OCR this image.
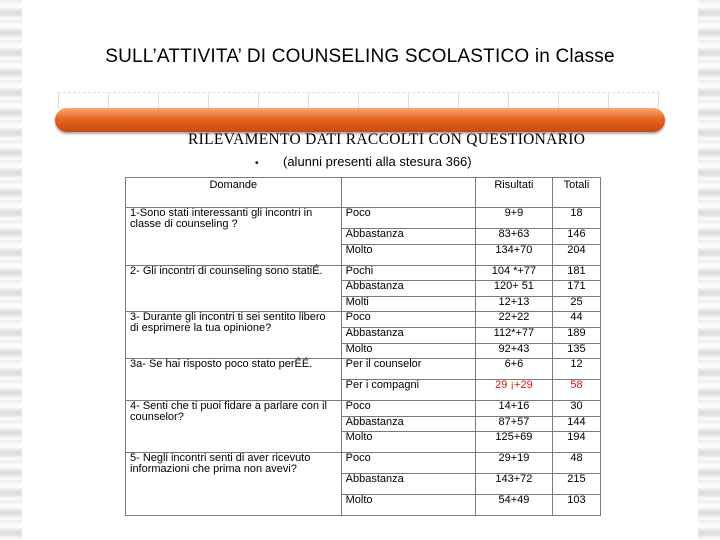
SULL’ATTIVITA’ DI COUNSELING SCOLASTICO in Classe
RILEVAMENTO DATI RACCOLTI CON QUESTIONARIO
• (alunni presenti alla stesura 366)
Domande		Risultati	Totali
1-Sono stati interessanti gli incontri in classe di counseling ?	Poco	9+9	18
	Abbastanza	83+63	146
	Molto	134+70	204
2- Gli incontri di counseling sono statiÉ.	Pochi	104 *+77	181
	Abbastanza	120+ 51	171
	Molti	12+13	25
3- Durante gli incontri ti sei sentito libero di esprimere la tua opinione?	Poco	22+22	44
	Abbastanza	112*+77	189
	Molto	92+43	135
3a- Se hai risposto poco stato perÉÉ.	Per il counselor	6+6	12
	Per i compagni	29 ¡+29	58
4- Senti che ti puoi fidare a parlare con il counselor?	Poco	14+16	30
	Abbastanza	87+57	144
	Molto	125+69	194
5- Negli incontri senti di aver ricevuto informazioni che prima non avevi?	Poco	29+19	48
	Abbastanza	143+72	215
	Molto	54+49	103
